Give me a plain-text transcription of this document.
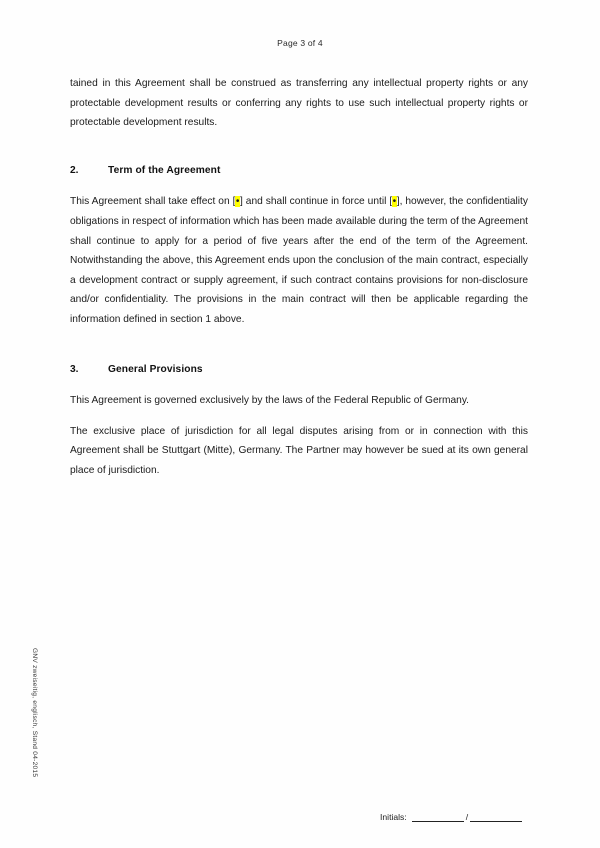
Page 3 of 4

tained in this Agreement shall be construed as transferring any intellectual property rights or any protectable development results or conferring any rights to use such intellectual property rights or protectable development results.

2.	Term of the Agreement

This Agreement shall take effect on [•] and shall continue in force until [•], however, the confidentiality obligations in respect of information which has been made available during the term of the Agreement shall continue to apply for a period of five years after the end of the term of the Agreement. Notwithstanding the above, this Agreement ends upon the conclusion of the main contract, especially a development contract or supply agreement, if such contract contains provisions for non-disclosure and/or confidentiality. The provisions in the main contract will then be applicable regarding the information defined in section 1 above.

3.	General Provisions

This Agreement is governed exclusively by the laws of the Federal Republic of Germany.

The exclusive place of jurisdiction for all legal disputes arising from or in connection with this Agreement shall be Stuttgart (Mitte), Germany. The Partner may however be sued at its own general place of jurisdiction.

GNV zweiseitig, englisch, Stand 04-2015
Initials:	/
